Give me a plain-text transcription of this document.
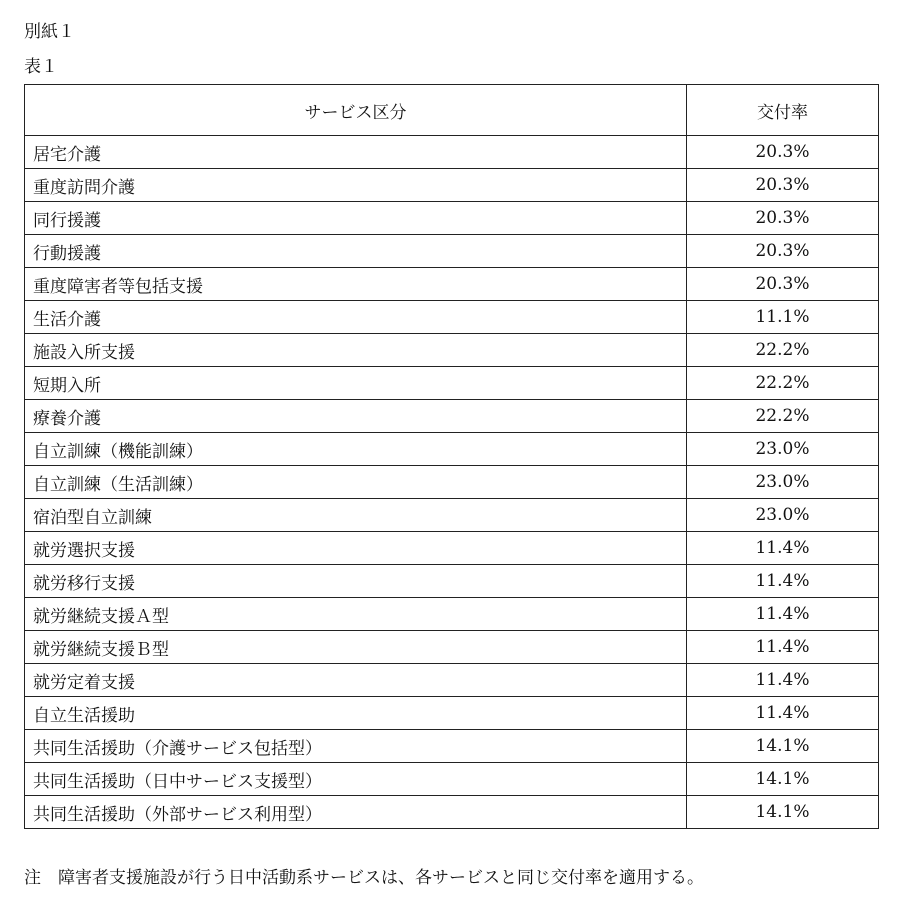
別紙１
表１
サービス区分	交付率
居宅介護	20.3%
重度訪問介護	20.3%
同行援護	20.3%
行動援護	20.3%
重度障害者等包括支援	20.3%
生活介護	11.1%
施設入所支援	22.2%
短期入所	22.2%
療養介護	22.2%
自立訓練（機能訓練）	23.0%
自立訓練（生活訓練）	23.0%
宿泊型自立訓練	23.0%
就労選択支援	11.4%
就労移行支援	11.4%
就労継続支援Ａ型	11.4%
就労継続支援Ｂ型	11.4%
就労定着支援	11.4%
自立生活援助	11.4%
共同生活援助（介護サービス包括型）	14.1%
共同生活援助（日中サービス支援型）	14.1%
共同生活援助（外部サービス利用型）	14.1%
注　障害者支援施設が行う日中活動系サービスは、各サービスと同じ交付率を適用する。
